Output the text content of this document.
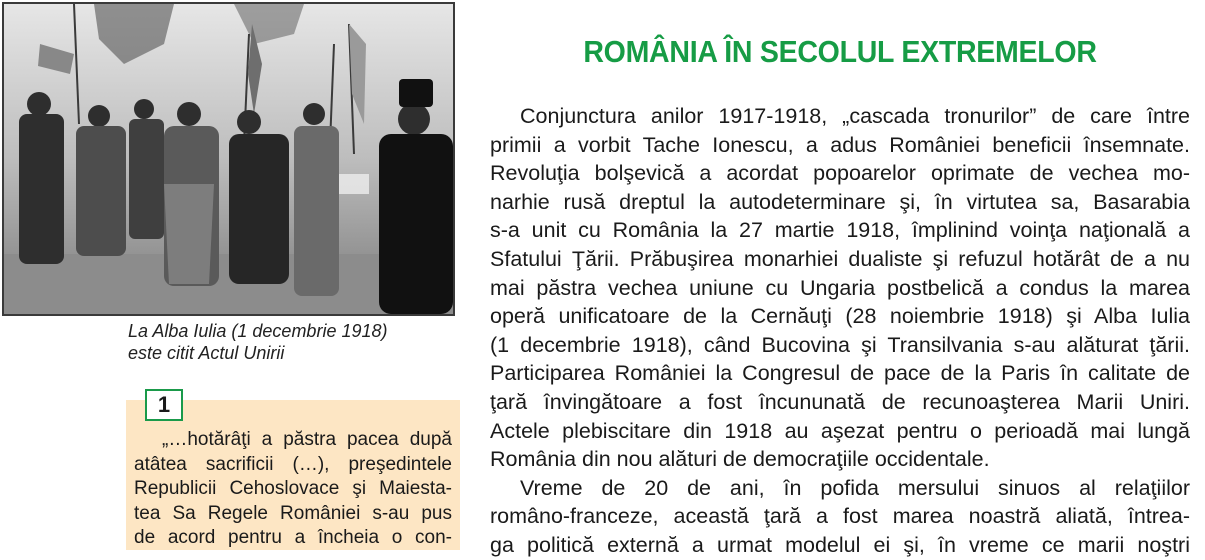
La Alba Iulia (1 decembrie 1918)
este citit Actul Unirii
1
„…hotărâţi a păstra pacea după
atâtea sacrificii (…), preşedintele
Republicii Cehoslovace şi Maiesta-
tea Sa Regele României s-au pus
de acord pentru a încheia o con-
ROMÂNIA ÎN SECOLUL EXTREMELOR
Conjunctura anilor 1917-1918, „cascada tronurilor” de care între
primii a vorbit Tache Ionescu, a adus României beneficii însemnate.
Revoluţia bolşevică a acordat popoarelor oprimate de vechea mo-
narhie rusă dreptul la autodeterminare şi, în virtutea sa, Basarabia
s-a unit cu România la 27 martie 1918, împlinind voinţa naţională a
Sfatului Ţării. Prăbuşirea monarhiei dualiste şi refuzul hotărât de a nu
mai păstra vechea uniune cu Ungaria postbelică a condus la marea
operă unificatoare de la Cernăuţi (28 noiembrie 1918) şi Alba Iulia
(1 decembrie 1918), când Bucovina şi Transilvania s-au alăturat ţării.
Participarea României la Congresul de pace de la Paris în calitate de
ţară învingătoare a fost încununată de recunoaşterea Marii Uniri.
Actele plebiscitare din 1918 au aşezat pentru o perioadă mai lungă
România din nou alături de democraţiile occidentale.
Vreme de 20 de ani, în pofida mersului sinuos al relaţiilor
româno-franceze, această ţară a fost marea noastră aliată, întrea-
ga politică externă a urmat modelul ei şi, în vreme ce marii noştri
